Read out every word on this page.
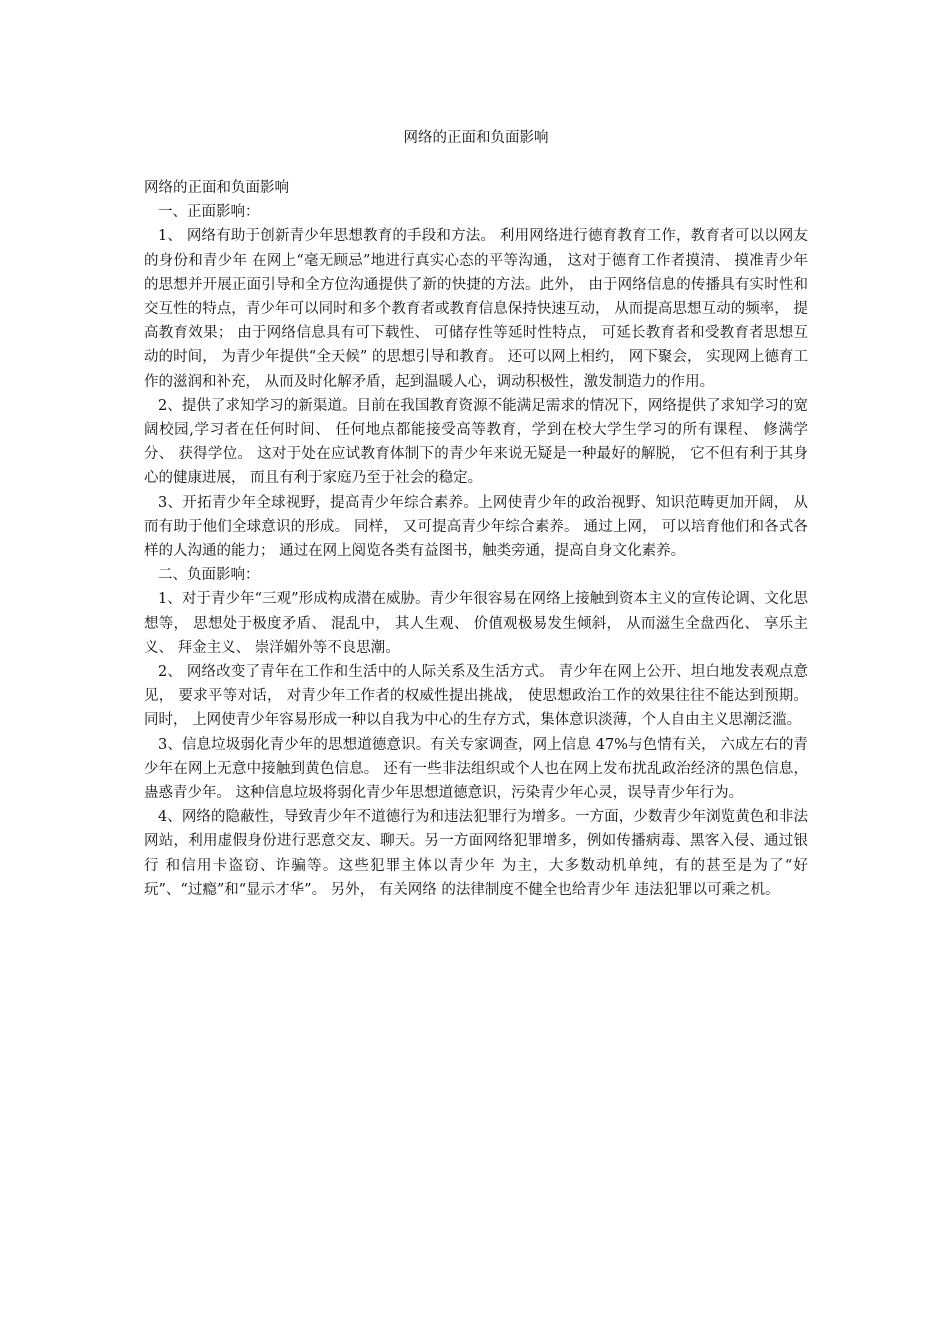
网络的正面和负面影响

网络的正面和负面影响

一、正面影响：

1、 网络有助于创新青少年思想教育的手段和方法。 利用网络进行德育教育工作，教育者可以以网友的身份和青少年 在网上“毫无顾忌”地进行真实心态的平等沟通， 这对于德育工作者摸清、 摸准青少年的思想并开展正面引导和全方位沟通提供了新的快捷的方法。此外， 由于网络信息的传播具有实时性和交互性的特点，青少年可以同时和多个教育者或教育信息保持快速互动， 从而提高思想互动的频率， 提高教育效果； 由于网络信息具有可下载性、 可储存性等延时性特点， 可延长教育者和受教育者思想互动的时间， 为青少年提供“全天候” 的思想引导和教育。 还可以网上相约， 网下聚会， 实现网上德育工作的滋润和补充， 从而及时化解矛盾，起到温暖人心，调动积极性，激发制造力的作用。

2、提供了求知学习的新渠道。目前在我国教育资源不能满足需求的情况下，网络提供了求知学习的宽阔校园,学习者在任何时间、 任何地点都能接受高等教育，学到在校大学生学习的所有课程、 修满学分、 获得学位。 这对于处在应试教育体制下的青少年来说无疑是一种最好的解脱， 它不但有利于其身心的健康进展， 而且有利于家庭乃至于社会的稳定。

3、开拓青少年全球视野，提高青少年综合素养。上网使青少年的政治视野、知识范畴更加开阔， 从而有助于他们全球意识的形成。 同样， 又可提高青少年综合素养。 通过上网， 可以培育他们和各式各样的人沟通的能力； 通过在网上阅览各类有益图书，触类旁通，提高自身文化素养。

二、负面影响：

1、对于青少年“三观”形成构成潜在威胁。青少年很容易在网络上接触到资本主义的宣传论调、文化思想等， 思想处于极度矛盾、 混乱中， 其人生观、 价值观极易发生倾斜， 从而滋生全盘西化、 享乐主义、 拜金主义、 崇洋媚外等不良思潮。

2、 网络改变了青年在工作和生活中的人际关系及生活方式。 青少年在网上公开、坦白地发表观点意见， 要求平等对话， 对青少年工作者的权威性提出挑战， 使思想政治工作的效果往往不能达到预期。 同时， 上网使青少年容易形成一种以自我为中心的生存方式，集体意识淡薄，个人自由主义思潮泛滥。

3、信息垃圾弱化青少年的思想道德意识。有关专家调查，网上信息 47%与色情有关， 六成左右的青少年在网上无意中接触到黄色信息。 还有一些非法组织或个人也在网上发布扰乱政治经济的黑色信息， 蛊惑青少年。 这种信息垃圾将弱化青少年思想道德意识，污染青少年心灵，误导青少年行为。

4、网络的隐蔽性，导致青少年不道德行为和违法犯罪行为增多。一方面，少数青少年浏览黄色和非法网站，利用虚假身份进行恶意交友、聊天。另一方面网络犯罪增多，例如传播病毒、黑客入侵、通过银行 和信用卡盗窃、诈骗等。这些犯罪主体以青少年 为主，大多数动机单纯，有的甚至是为了“好玩”、“过瘾”和“显示才华”。 另外， 有关网络 的法律制度不健全也给青少年 违法犯罪以可乘之机。
